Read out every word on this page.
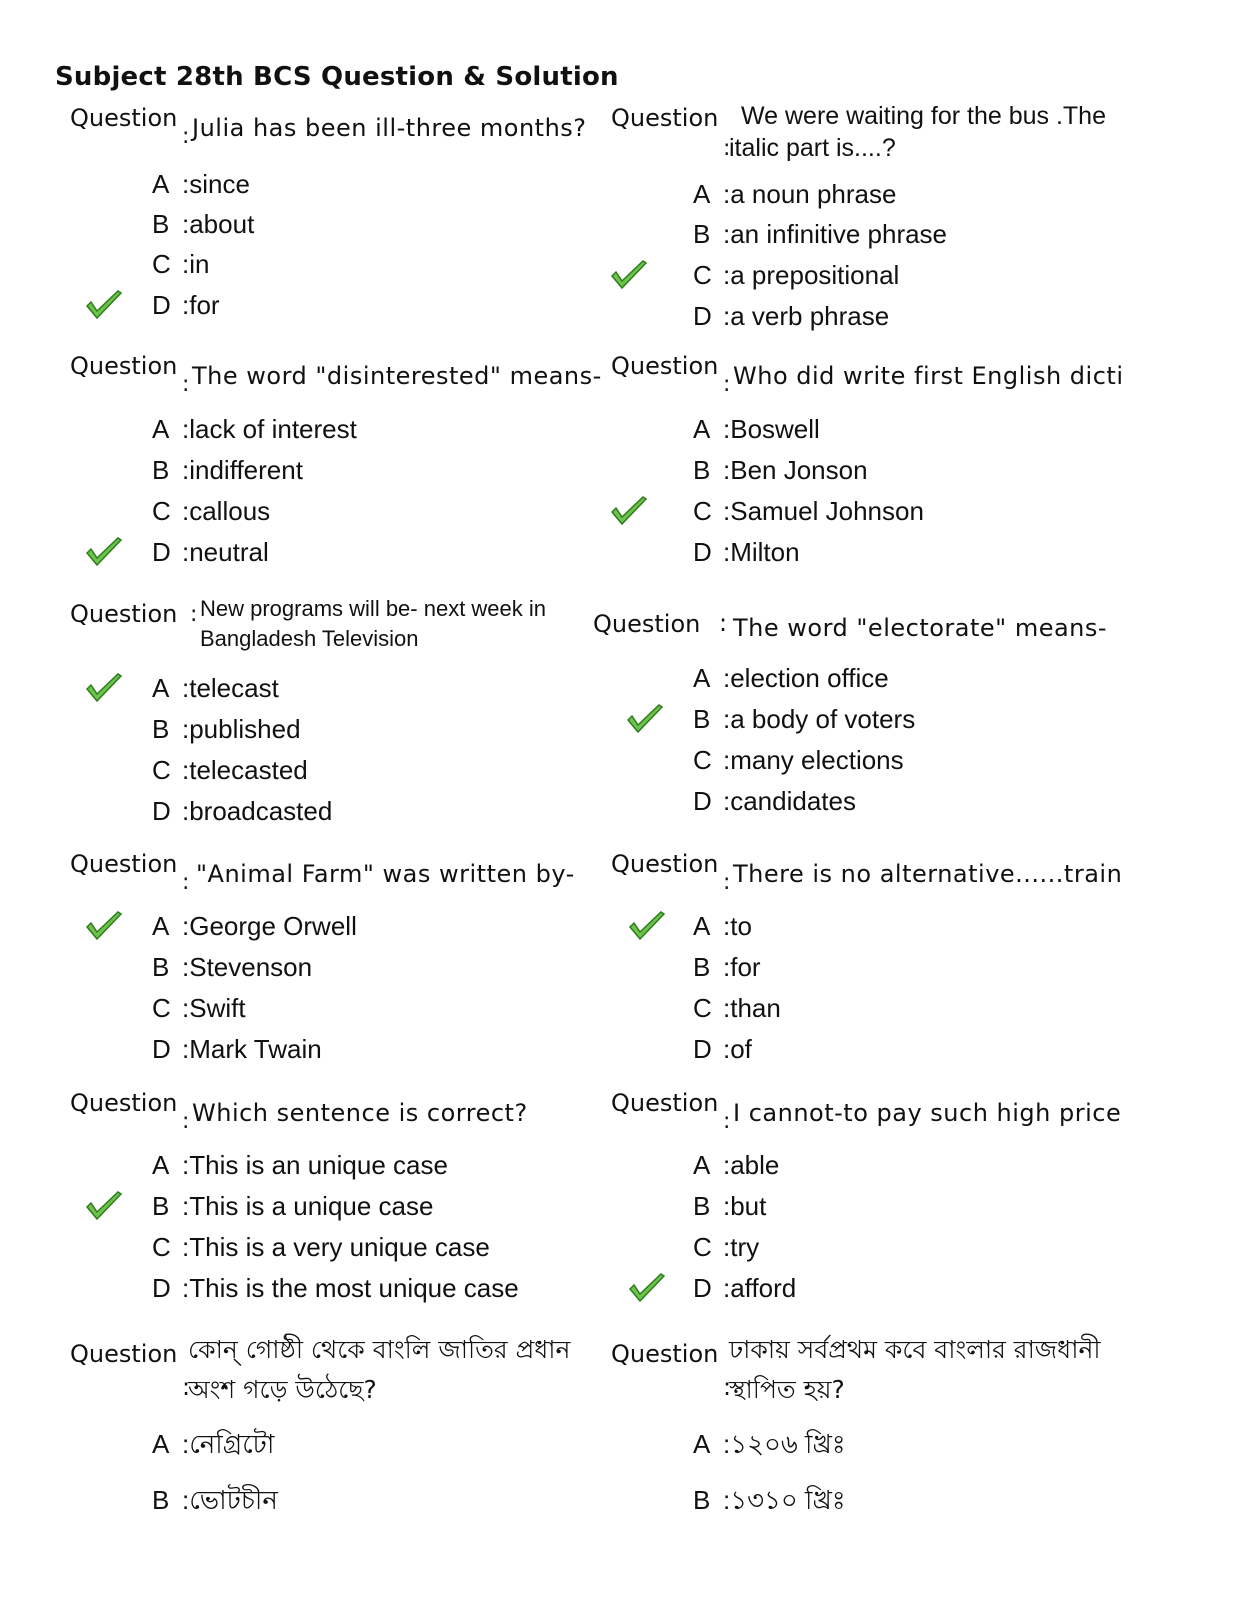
Subject 28th BCS Question & Solution
Question
: Julia has been ill-three months?
A :since
B :about
C :in
D :for
Question We were waiting for the bus .The italic part is....?
:
A :a noun phrase
B :an infinitive phrase
C :a prepositional
D :a verb phrase
Question
: The word "disinterested" means-
A :lack of interest
B :indifferent
C :callous
D :neutral
Question
: Who did write first English dicti
A :Boswell
B :Ben Jonson
C :Samuel Johnson
D :Milton
Question : New programs will be- next week in Bangladesh Television
A :telecast
B :published
C :telecasted
D :broadcasted
Question : The word "electorate" means-
A :election office
B :a body of voters
C :many elections
D :candidates
Question
: "Animal Farm" was written by-
A :George Orwell
B :Stevenson
C :Swift
D :Mark Twain
Question
: There is no alternative......train
A :to
B :for
C :than
D :of
Question
: Which sentence is correct?
A :This is an unique case
B :This is a unique case
C :This is a very unique case
D :This is the most unique case
Question
: I cannot-to pay such high price
A :able
B :but
C :try
D :afford
Question কোন্ গোষ্ঠী থেকে বাংলি জাতির প্রধান অংশ গড়ে উঠেছে?
:
A :নেগ্রিটো
B :ভোটচীন
Question ঢাকায় সর্বপ্রথম কবে বাংলার রাজধানী স্থাপিত হয়?
:
A :১২০৬ খ্রিঃ
B :১৩১০ খ্রিঃ
